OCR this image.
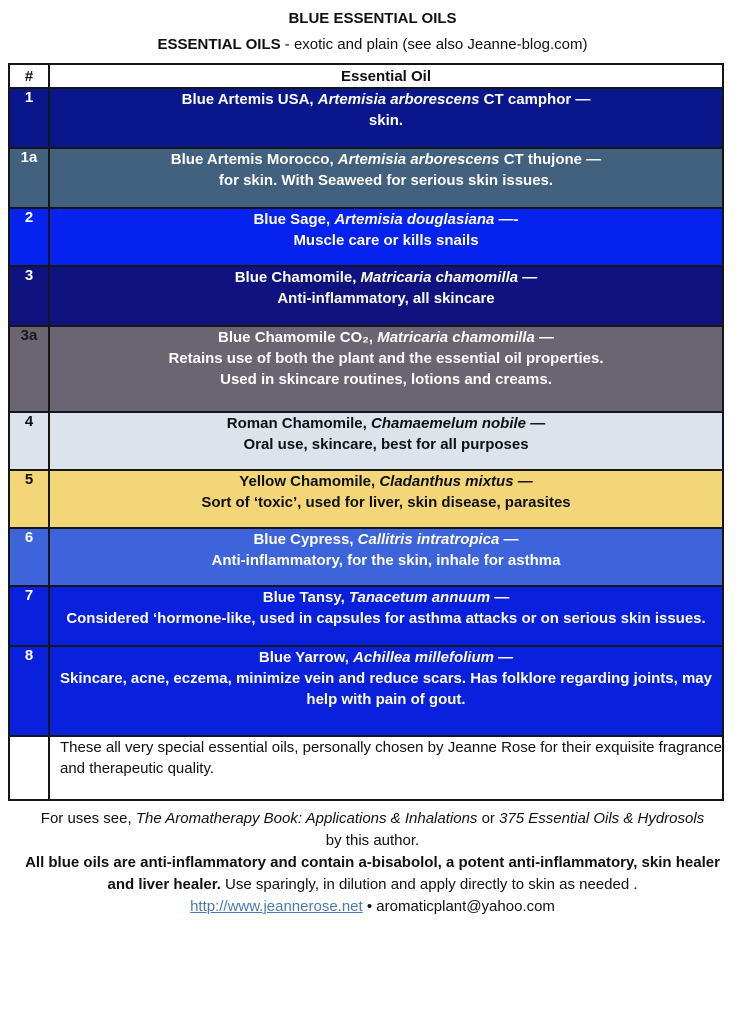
BLUE ESSENTIAL OILS
ESSENTIAL OILS - exotic and plain (see also Jeanne-blog.com)
#	Essential Oil
1	Blue Artemis USA, Artemisia arborescens CT camphor —
skin.

1a	Blue Artemis Morocco, Artemisia arborescens CT thujone —
for skin. With Seaweed for serious skin issues.

2	Blue Sage, Artemisia douglasiana —-
Muscle care or kills snails

3	Blue Chamomile, Matricaria chamomilla —
Anti-inflammatory, all skincare

3a	Blue Chamomile CO₂, Matricaria chamomilla —
Retains use of both the plant and the essential oil properties.
Used in skincare routines, lotions and creams.

4	Roman Chamomile, Chamaemelum nobile —
Oral use, skincare, best for all purposes

5	Yellow Chamomile, Cladanthus mixtus —
Sort of ‘toxic’, used for liver, skin disease, parasites

6	Blue Cypress, Callitris intratropica —
Anti-inflammatory, for the skin, inhale for asthma

7	Blue Tansy, Tanacetum annuum —
Considered ‘hormone-like, used in capsules for asthma attacks or on serious skin issues.

8	Blue Yarrow, Achillea millefolium —
Skincare, acne, eczema, minimize vein and reduce scars. Has folklore regarding joints, may help with pain of gout.

	These all very special essential oils, personally chosen by Jeanne Rose for their exquisite fragrance and therapeutic quality.
For uses see, The Aromatherapy Book: Applications & Inhalations or 375 Essential Oils & Hydrosols
by this author.
All blue oils are anti-inflammatory and contain a-bisabolol, a potent anti-inflammatory, skin healer and liver healer. Use sparingly, in dilution and apply directly to skin as needed .
http://www.jeannerose.net • aromaticplant@yahoo.com
